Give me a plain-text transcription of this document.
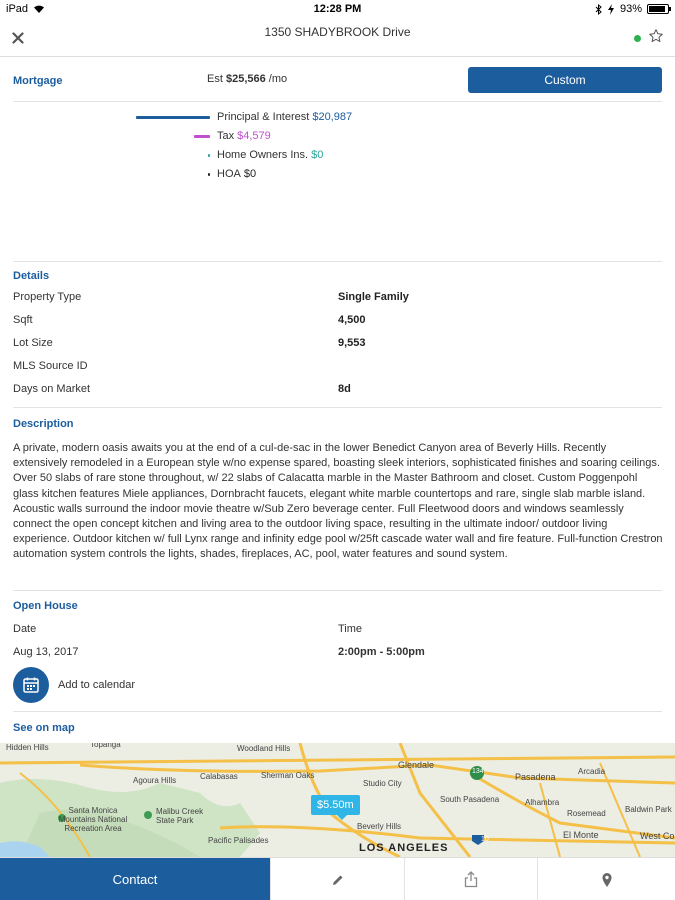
iPad	12:28 PM	93%
1350 SHADYBROOK Drive
Mortgage	Est $25,566 /mo	Custom
Principal & Interest $20,987
Tax $4,579
Home Owners Ins. $0
HOA $0
Details
Property Type	Single Family
Sqft	4,500
Lot Size	9,553
MLS Source ID
Days on Market	8d
Description
A private, modern oasis awaits you at the end of a cul-de-sac in the lower Benedict Canyon area of Beverly Hills. Recently extensively remodeled in a European style w/no expense spared, boasting sleek interiors, sophisticated finishes and soaring ceilings. Over 50 slabs of rare stone throughout, w/ 22 slabs of Calacatta marble in the Master Bathroom and closet. Custom Poggenpohl glass kitchen features Miele appliances, Dornbracht faucets, elegant white marble countertops and rare, single slab marble island. Acoustic walls surround the indoor movie theatre w/Sub Zero beverage center. Full Fleetwood doors and windows seamlessly connect the open concept kitchen and living area to the outdoor living space, resulting in the ultimate indoor/ outdoor living experience. Outdoor kitchen w/ full Lynx range and infinity edge pool w/25ft cascade water wall and fire feature. Full-function Crestron automation system controls the lights, shades, fireplaces, AC, pool, water features and sound system.
Open House
Date	Time
Aug 13, 2017	2:00pm - 5:00pm
Add to calendar
See on map
Hidden Hills	Topanga	Woodland Hills
Glendale
Pasadena
Arcadia
Sherman Oaks
Studio City
Agoura Hills	Calabasas
Santa Monica Mountains National Recreation Area
Malibu Creek State Park
South Pasadena	Alhambra
Rosemead Baldwin Park
Pacific Palisades
Beverly Hills
El Monte	West Co
LOS ANGELES
134
10
$5.50m
Contact
